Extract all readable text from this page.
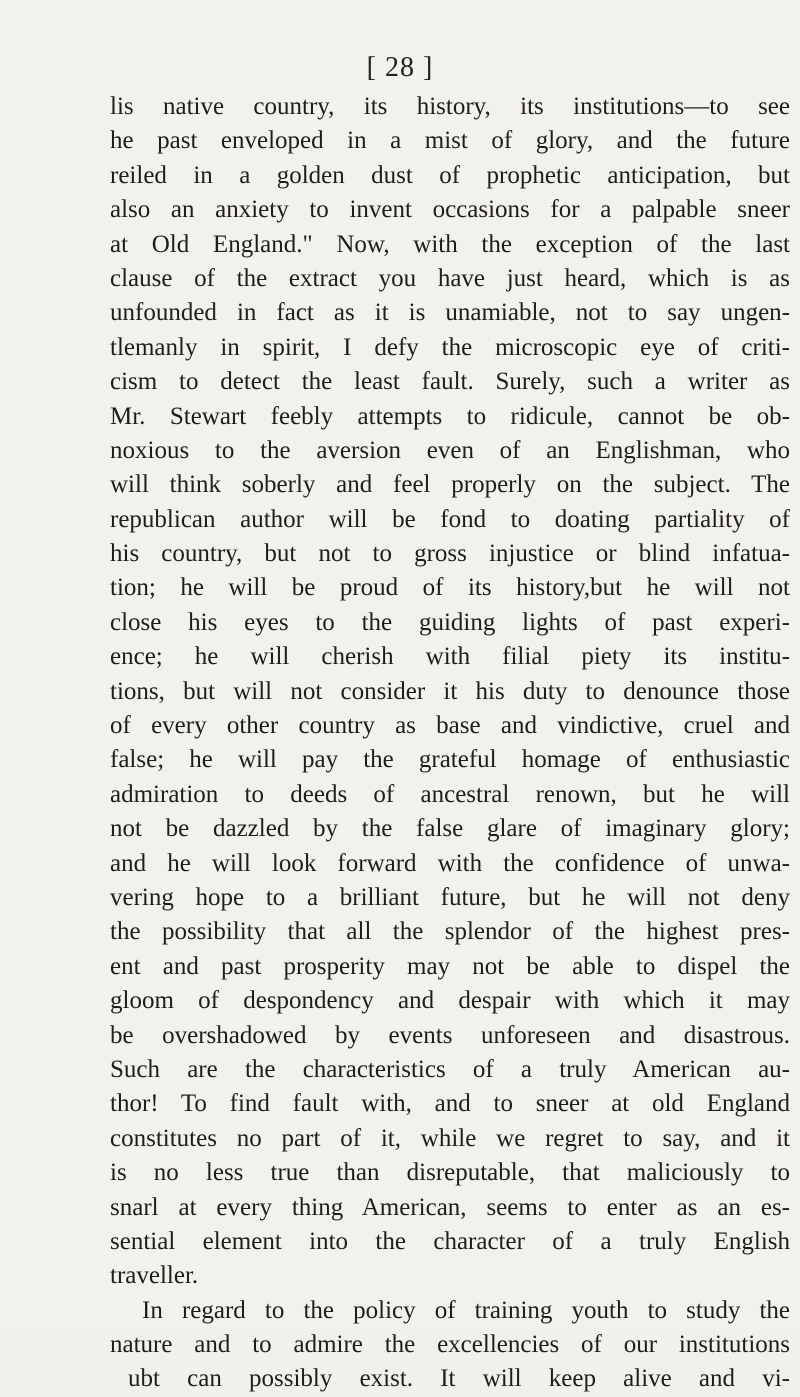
[ 28 ]
lis native country, its history, its institutions—to see
he past enveloped in a mist of glory, and the future
reiled in a golden dust of prophetic anticipation, but
also an anxiety to invent occasions for a palpable sneer
at Old England." Now, with the exception of the last
clause of the extract you have just heard, which is as
unfounded in fact as it is unamiable, not to say ungen-
tlemanly in spirit, I defy the microscopic eye of criti-
cism to detect the least fault. Surely, such a writer as
Mr. Stewart feebly attempts to ridicule, cannot be ob-
noxious to the aversion even of an Englishman, who
will think soberly and feel properly on the subject. The
republican author will be fond to doating partiality of
his country, but not to gross injustice or blind infatua-
tion; he will be proud of its history,but he will not
close his eyes to the guiding lights of past experi-
ence; he will cherish with filial piety its institu-
tions, but will not consider it his duty to denounce those
of every other country as base and vindictive, cruel and
false; he will pay the grateful homage of enthusiastic
admiration to deeds of ancestral renown, but he will
not be dazzled by the false glare of imaginary glory;
and he will look forward with the confidence of unwa-
vering hope to a brilliant future, but he will not deny
the possibility that all the splendor of the highest pres-
ent and past prosperity may not be able to dispel the
gloom of despondency and despair with which it may
be overshadowed by events unforeseen and disastrous.
Such are the characteristics of a truly American au-
thor! To find fault with, and to sneer at old England
constitutes no part of it, while we regret to say, and it
is no less true than disreputable, that maliciously to
snarl at every thing American, seems to enter as an es-
sential element into the character of a truly English
traveller.
In regard to the policy of training youth to study the
nature and to admire the excellencies of our institutions
ubt can possibly exist. It will keep alive and vi-
